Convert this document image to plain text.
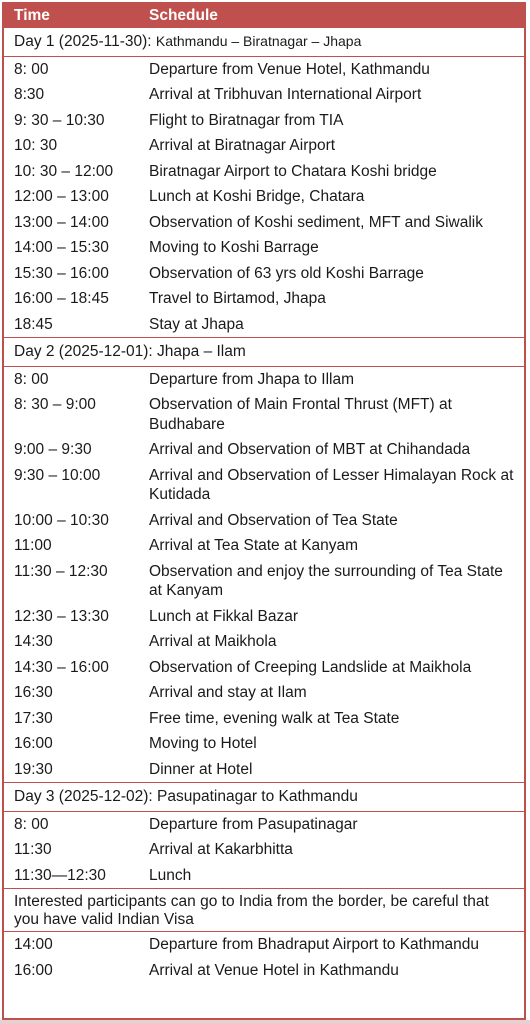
Time	Schedule
Day 1 (2025-11-30): Kathmandu – Biratnagar – Jhapa	
8: 00	Departure from Venue Hotel, Kathmandu
8:30	Arrival at Tribhuvan International Airport
9: 30 – 10:30	Flight to Biratnagar from TIA
10: 30	Arrival at Biratnagar Airport
10: 30 – 12:00	Biratnagar Airport to Chatara Koshi bridge
12:00 – 13:00	Lunch at Koshi Bridge, Chatara
13:00 – 14:00	Observation of Koshi sediment, MFT and Siwalik
14:00 – 15:30	Moving to Koshi Barrage
15:30 – 16:00	Observation of 63 yrs old Koshi Barrage
16:00 – 18:45	Travel to Birtamod, Jhapa
18:45	Stay at Jhapa
Day 2 (2025-12-01): Jhapa – Ilam	
8: 00	Departure from Jhapa to Illam
8: 30 – 9:00	Observation of Main Frontal Thrust (MFT) at Budhabare
9:00 – 9:30	Arrival and Observation of MBT at Chihandada
9:30 – 10:00	Arrival and Observation of Lesser Himalayan Rock at Kutidada
10:00 – 10:30	Arrival and Observation of Tea State
11:00	Arrival at Tea State at Kanyam
11:30 – 12:30	Observation and enjoy the surrounding of Tea State at Kanyam
12:30 – 13:30	Lunch at Fikkal Bazar
14:30	Arrival at Maikhola
14:30 – 16:00	Observation of Creeping Landslide at Maikhola
16:30	Arrival and stay at Ilam
17:30	Free time, evening walk at Tea State
16:00	Moving to Hotel
19:30	Dinner at Hotel
Day 3 (2025-12-02): Pasupatinagar to Kathmandu	
8: 00	Departure from Pasupatinagar
11:30	Arrival at Kakarbhitta
11:30—12:30	Lunch
Interested participants can go to India from the border, be careful that you have valid Indian Visa	
14:00	Departure from Bhadraput Airport to Kathmandu
16:00	Arrival at Venue Hotel in Kathmandu
